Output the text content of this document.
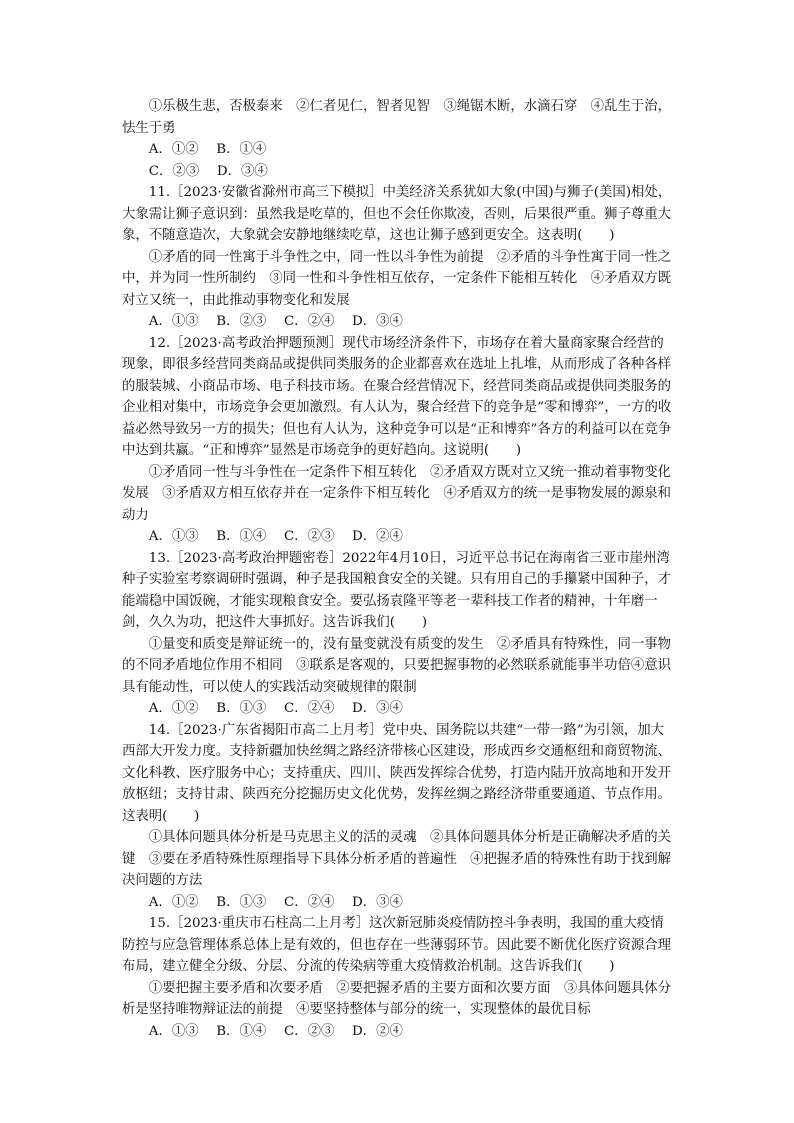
①乐极生悲，否极泰来　②仁者见仁，智者见智　③绳锯木断，水滴石穿　④乱生于治，怯生于勇

A．①②　 B．①④

C．②③　 D．③④

11.［2023·安徽省滁州市高三下模拟］中美经济关系犹如大象(中国)与狮子(美国)相处，大象需让狮子意识到：虽然我是吃草的，但也不会任你欺凌，否则，后果很严重。狮子尊重大象，不随意造次，大象就会安静地继续吃草，这也让狮子感到更安全。这表明(　　)

①矛盾的同一性寓于斗争性之中，同一性以斗争性为前提　②矛盾的斗争性寓于同一性之中，并为同一性所制约　③同一性和斗争性相互依存，一定条件下能相互转化　④矛盾双方既对立又统一，由此推动事物变化和发展

A．①③　 B．②③　 C．②④　 D．③④

12.［2023·高考政治押题预测］现代市场经济条件下，市场存在着大量商家聚合经营的现象，即很多经营同类商品或提供同类服务的企业都喜欢在选址上扎堆，从而形成了各种各样的服装城、小商品市场、电子科技市场。在聚合经营情况下，经营同类商品或提供同类服务的企业相对集中，市场竞争会更加激烈。有人认为，聚合经营下的竞争是“零和博弈”，一方的收益必然导致另一方的损失；但也有人认为，这种竞争可以是“正和博弈”各方的利益可以在竞争中达到共赢。“正和博弈”显然是市场竞争的更好趋向。这说明(　　)

①矛盾同一性与斗争性在一定条件下相互转化　②矛盾双方既对立又统一推动着事物变化发展　③矛盾双方相互依存并在一定条件下相互转化　④矛盾双方的统一是事物发展的源泉和动力

A．①③　 B．①④　 C．②③　 D．②④

13.［2023·高考政治押题密卷］2022年4月10日，习近平总书记在海南省三亚市崖州湾种子实验室考察调研时强调，种子是我国粮食安全的关键。只有用自己的手攥紧中国种子，才能端稳中国饭碗，才能实现粮食安全。要弘扬袁隆平等老一辈科技工作者的精神，十年磨一剑，久久为功，把这件大事抓好。这告诉我们(　　)

①量变和质变是辩证统一的，没有量变就没有质变的发生　②矛盾具有特殊性，同一事物的不同矛盾地位作用不相同　③联系是客观的，只要把握事物的必然联系就能事半功倍④意识具有能动性，可以使人的实践活动突破规律的限制

A．①②　 B．①③　 C．②④　 D．③④

14.［2023·广东省揭阳市高二上月考］党中央、国务院以共建“一带一路”为引领，加大西部大开发力度。支持新疆加快丝绸之路经济带核心区建设，形成西乡交通枢纽和商贸物流、文化科教、医疗服务中心；支持重庆、四川、陕西发挥综合优势，打造内陆开放高地和开发开放枢纽；支持甘肃、陕西充分挖掘历史文化优势，发挥丝绸之路经济带重要通道、节点作用。这表明(　　)

①具体问题具体分析是马克思主义的活的灵魂　②具体问题具体分析是正确解决矛盾的关键　③要在矛盾特殊性原理指导下具体分析矛盾的普遍性　④把握矛盾的特殊性有助于找到解决问题的方法

A．①②　 B．①③　 C．②④　 D．③④

15.［2023·重庆市石柱高二上月考］这次新冠肺炎疫情防控斗争表明，我国的重大疫情防控与应急管理体系总体上是有效的，但也存在一些薄弱环节。因此要不断优化医疗资源合理布局，建立健全分级、分层、分流的传染病等重大疫情救治机制。这告诉我们(　　)

①要把握主要矛盾和次要矛盾　②要把握矛盾的主要方面和次要方面　③具体问题具体分析是坚持唯物辩证法的前提　④要坚持整体与部分的统一，实现整体的最优目标

A．①③　 B．①④　 C．②③　 D．②④
